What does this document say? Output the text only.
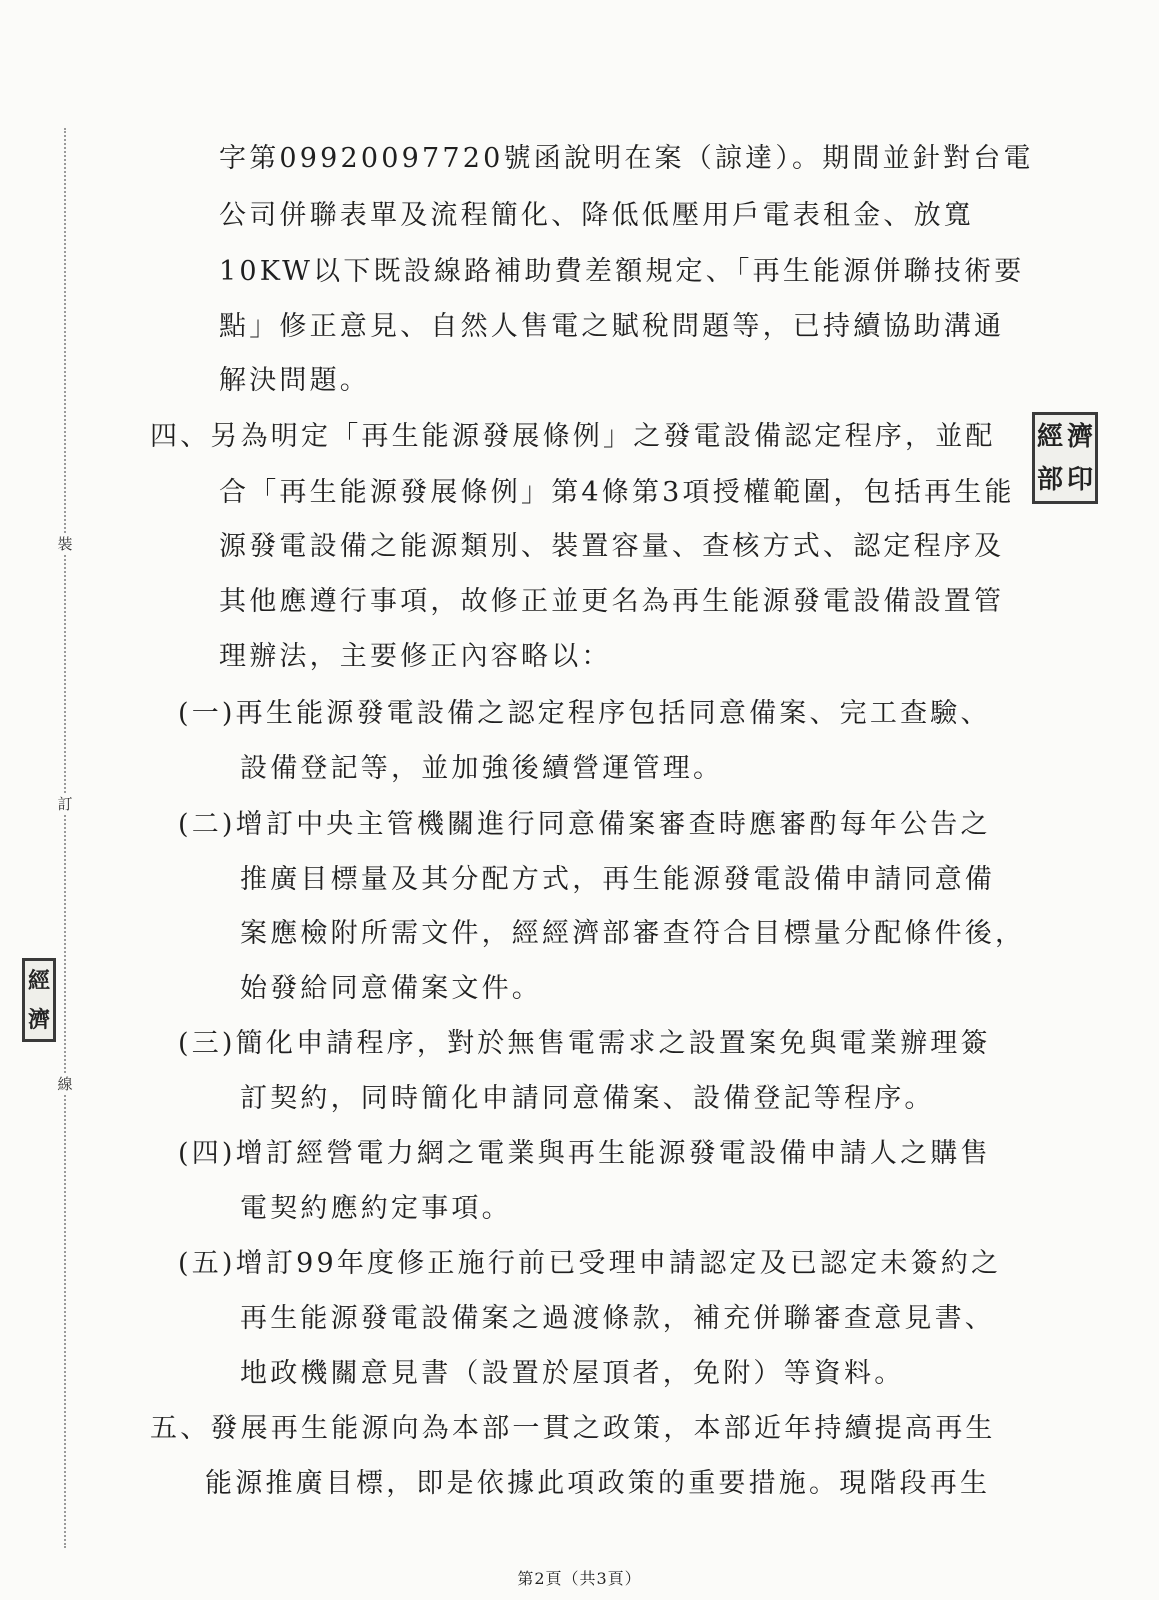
裝
訂
線
經
濟
經 濟
部 印
字第09920097720號函說明在案（諒達）。期間並針對台電
公司併聯表單及流程簡化、降低低壓用戶電表租金、放寬
10KW以下既設線路補助費差額規定、「再生能源併聯技術要
點」修正意見、自然人售電之賦稅問題等，已持續協助溝通
解決問題。
四、另為明定「再生能源發展條例」之發電設備認定程序，並配
合「再生能源發展條例」第4條第3項授權範圍，包括再生能
源發電設備之能源類別、裝置容量、查核方式、認定程序及
其他應遵行事項，故修正並更名為再生能源發電設備設置管
理辦法，主要修正內容略以：
(一)再生能源發電設備之認定程序包括同意備案、完工查驗、
設備登記等，並加強後續營運管理。
(二)增訂中央主管機關進行同意備案審查時應審酌每年公告之
推廣目標量及其分配方式，再生能源發電設備申請同意備
案應檢附所需文件，經經濟部審查符合目標量分配條件後，
始發給同意備案文件。
(三)簡化申請程序，對於無售電需求之設置案免與電業辦理簽
訂契約，同時簡化申請同意備案、設備登記等程序。
(四)增訂經營電力網之電業與再生能源發電設備申請人之購售
電契約應約定事項。
(五)增訂99年度修正施行前已受理申請認定及已認定未簽約之
再生能源發電設備案之過渡條款，補充併聯審查意見書、
地政機關意見書（設置於屋頂者，免附）等資料。
五、發展再生能源向為本部一貫之政策，本部近年持續提高再生
能源推廣目標，即是依據此項政策的重要措施。現階段再生
第2頁（共3頁）
